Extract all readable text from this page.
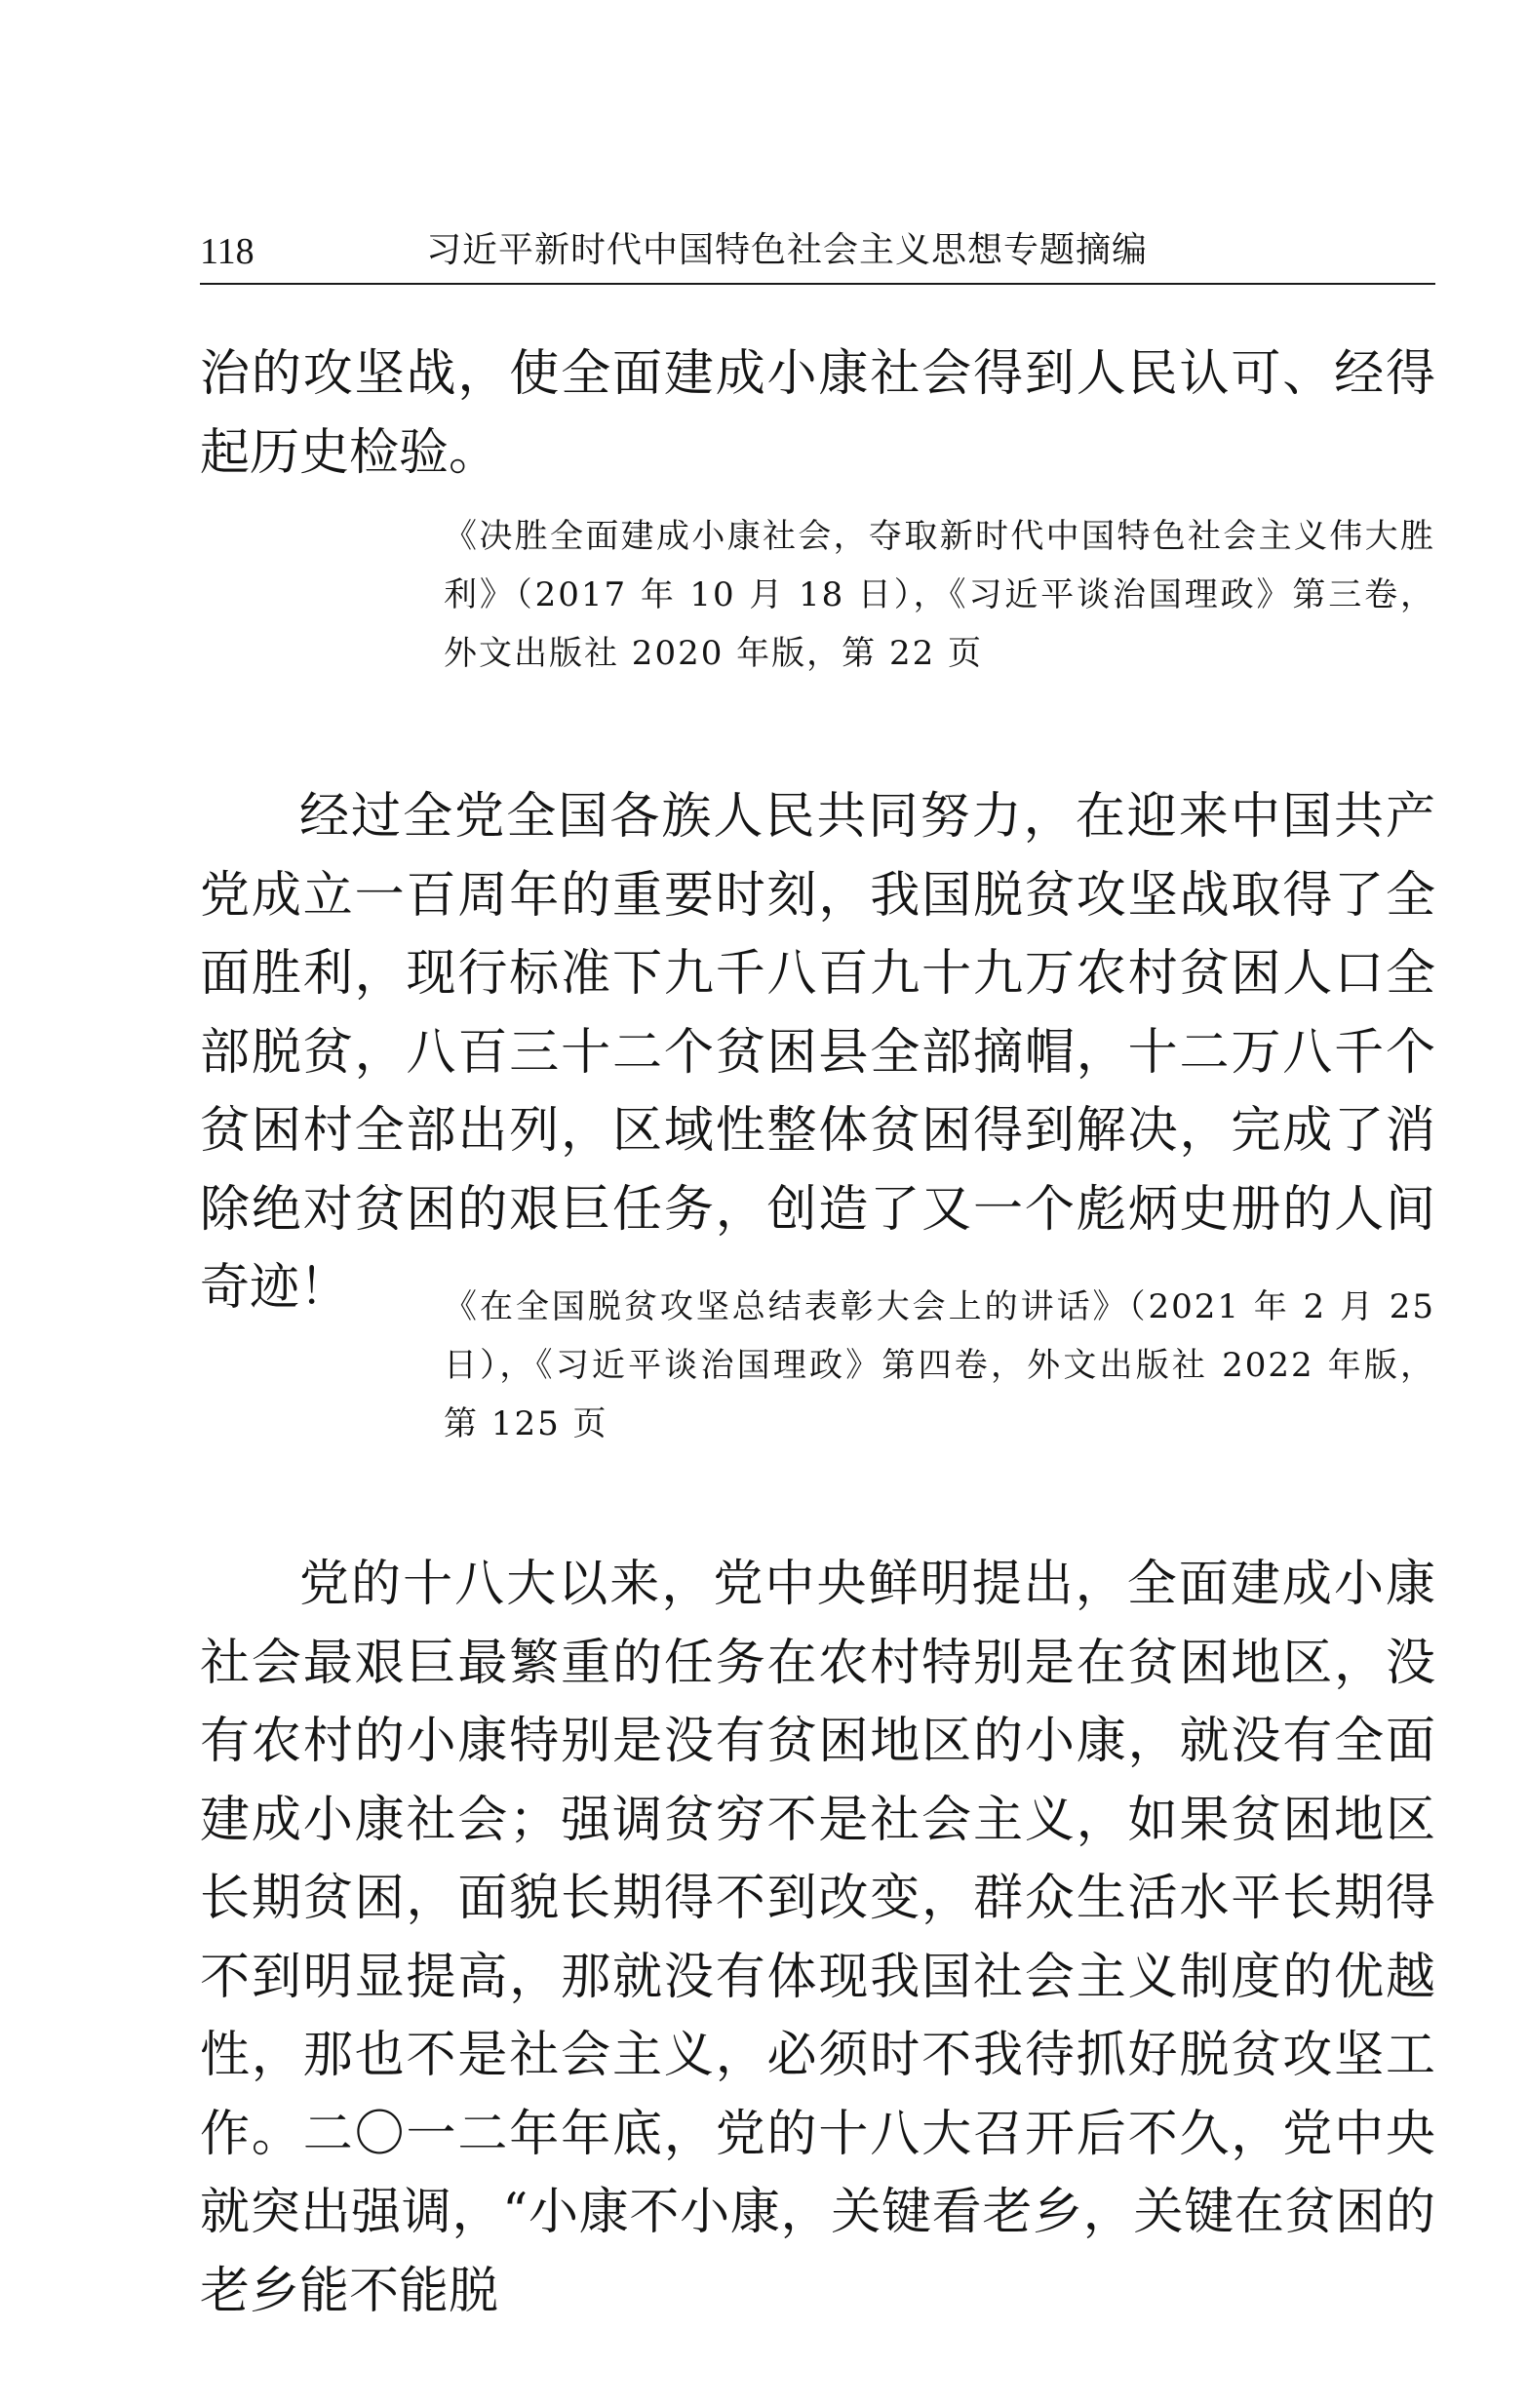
118	习近平新时代中国特色社会主义思想专题摘编

治的攻坚战，使全面建成小康社会得到人民认可、经得起历史检验。

《决胜全面建成小康社会，夺取新时代中国特色社会主义伟大胜利》（2017 年 10 月 18 日），《习近平谈治国理政》第三卷，外文出版社 2020 年版，第 22 页

经过全党全国各族人民共同努力，在迎来中国共产党成立一百周年的重要时刻，我国脱贫攻坚战取得了全面胜利，现行标准下九千八百九十九万农村贫困人口全部脱贫，八百三十二个贫困县全部摘帽，十二万八千个贫困村全部出列，区域性整体贫困得到解决，完成了消除绝对贫困的艰巨任务，创造了又一个彪炳史册的人间奇迹！	《在全国脱贫攻坚总结表彰大会上的讲话》（2021 年 2 月 25 日），《习近平谈治国理政》第四卷，外文出版社 2022 年版，第 125 页

党的十八大以来，党中央鲜明提出，全面建成小康社会最艰巨最繁重的任务在农村特别是在贫困地区，没有农村的小康特别是没有贫困地区的小康，就没有全面建成小康社会；强调贫穷不是社会主义，如果贫困地区长期贫困，面貌长期得不到改变，群众生活水平长期得不到明显提高，那就没有体现我国社会主义制度的优越性，那也不是社会主义，必须时不我待抓好脱贫攻坚工作。二〇一二年年底，党的十八大召开后不久，党中央就突出强调，“小康不小康，关键看老乡，关键在贫困的老乡能不能脱
